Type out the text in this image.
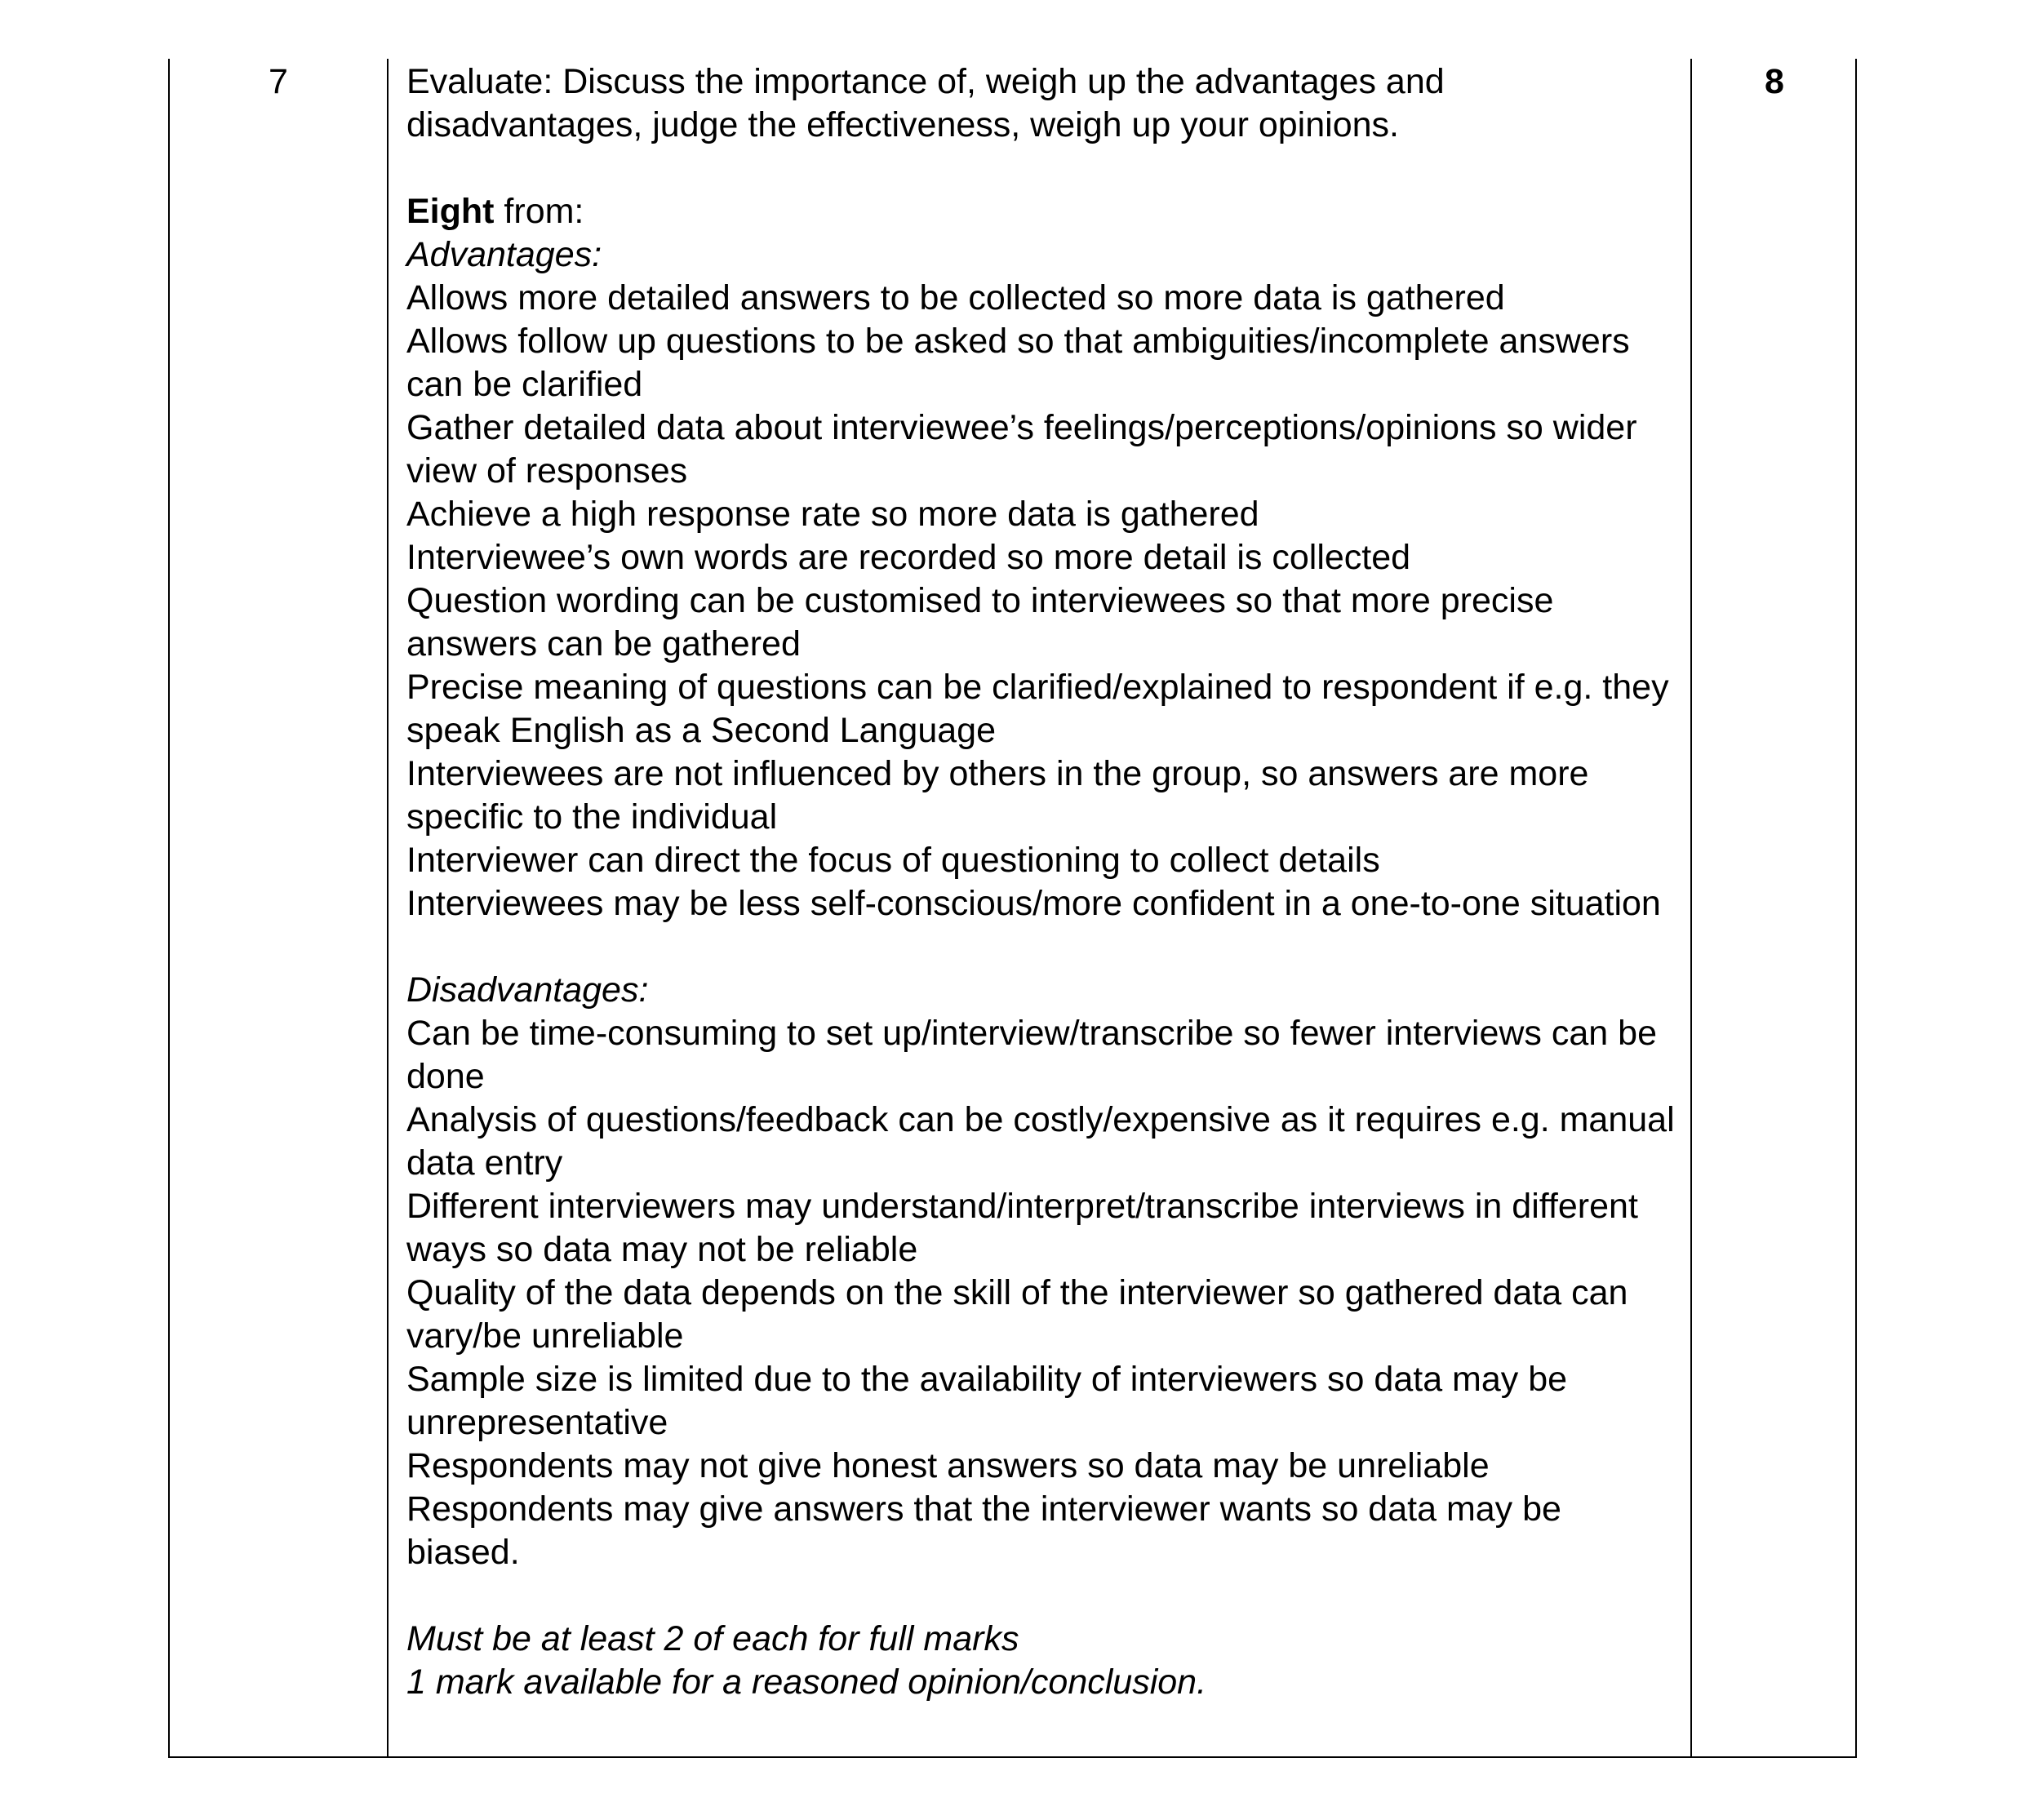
7	Evaluate: Discuss the importance of, weigh up the advantages and disadvantages, judge the effectiveness, weigh up your opinions.

Eight from:

Advantages:

Allows more detailed answers to be collected so more data is gathered

Allows follow up questions to be asked so that ambiguities/incomplete answers can be clarified

Gather detailed data about interviewee’s feelings/perceptions/opinions so wider view of responses

Achieve a high response rate so more data is gathered

Interviewee’s own words are recorded so more detail is collected

Question wording can be customised to interviewees so that more precise answers can be gathered

Precise meaning of questions can be clarified/explained to respondent if e.g. they speak English as a Second Language

Interviewees are not influenced by others in the group, so answers are more specific to the individual

Interviewer can direct the focus of questioning to collect details

Interviewees may be less self-conscious/more confident in a one-to-one situation

Disadvantages:

Can be time-consuming to set up/interview/transcribe so fewer interviews can be done

Analysis of questions/feedback can be costly/expensive as it requires e.g. manual data entry

Different interviewers may understand/interpret/transcribe interviews in different ways so data may not be reliable

Quality of the data depends on the skill of the interviewer so gathered data can vary/be unreliable

Sample size is limited due to the availability of interviewers so data may be unrepresentative

Respondents may not give honest answers so data may be unreliable

Respondents may give answers that the interviewer wants so data may be biased.

Must be at least 2 of each for full marks

1 mark available for a reasoned opinion/conclusion.

8
